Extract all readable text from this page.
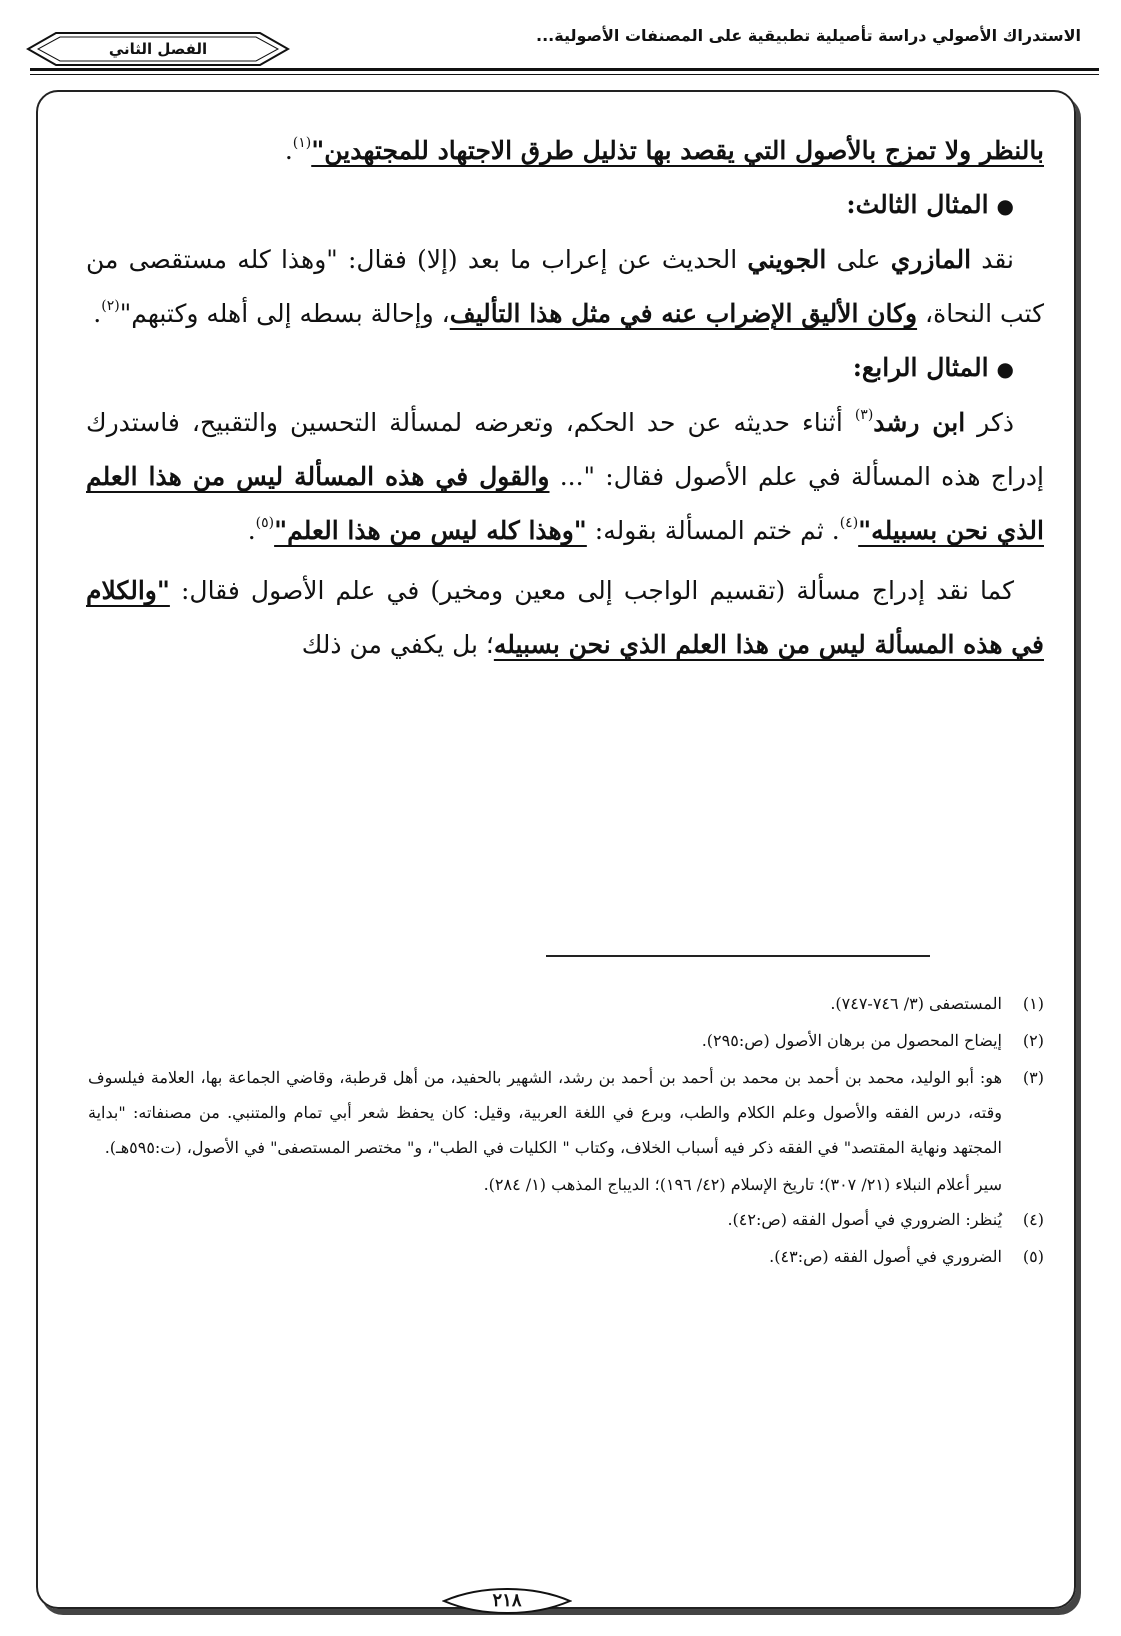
الاستدراك الأصولي دراسة تأصيلية تطبيقية على المصنفات الأصولية...
الفصل الثاني

بالنظر ولا تمزج بالأصول التي يقصد بها تذليل طرق الاجتهاد للمجتهدين"$^{(١)}$.

●المثال الثالث:

نقد المازري على الجويني الحديث عن إعراب ما بعد (إلا) فقال: "وهذا كله مستقصى من كتب النحاة، وكان الأليق الإضراب عنه في مثل هذا التأليف، وإحالة بسطه إلى أهله وكتبهم"$^{(٢)}$.

●المثال الرابع:

ذكر ابن رشد$^{(٣)}$ أثناء حديثه عن حد الحكم، وتعرضه لمسألة التحسين والتقبيح، فاستدرك إدراج هذه المسألة في علم الأصول فقال: "... والقول في هذه المسألة ليس من هذا العلم الذي نحن بسبيله"$^{(٤)}$. ثم ختم المسألة بقوله: "وهذا كله ليس من هذا العلم"$^{(٥)}$.

كما نقد إدراج مسألة (تقسيم الواجب إلى معين ومخير) في علم الأصول فقال: "والكلام في هذه المسألة ليس من هذا العلم الذي نحن بسبيله؛ بل يكفي من ذلك

(١)
المستصفى (٣/ ٧٤٦-٧٤٧).
(٢)
إيضاح المحصول من برهان الأصول (ص:٢٩٥).
(٣)
هو: أبو الوليد، محمد بن أحمد بن محمد بن أحمد بن أحمد بن رشد، الشهير بالحفيد، من أهل قرطبة، وقاضي الجماعة بها، العلامة فيلسوف وقته، درس الفقه والأصول وعلم الكلام والطب، وبرع في اللغة العربية، وقيل: كان يحفظ شعر أبي تمام والمتنبي. من مصنفاته: "بداية المجتهد ونهاية المقتصد" في الفقه ذكر فيه أسباب الخلاف، وكتاب " الكليات في الطب"، و" مختصر المستصفى" في الأصول، (ت:٥٩٥هـ).

سير أعلام النبلاء (٢١/ ٣٠٧)؛ تاريخ الإسلام (٤٢/ ١٩٦)؛ الديباج المذهب (١/ ٢٨٤).

(٤)
يُنظر: الضروري في أصول الفقه (ص:٤٢).
(٥)
الضروري في أصول الفقه (ص:٤٣).
٢١٨
